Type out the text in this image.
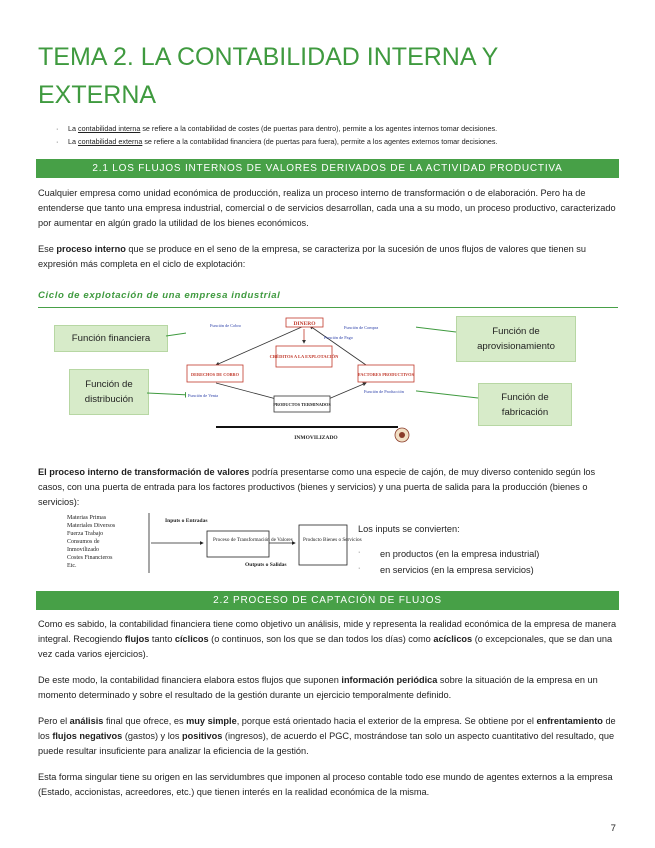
TEMA 2. LA CONTABILIDAD INTERNA Y EXTERNA
· La contabilidad interna se refiere a la contabilidad de costes (de puertas para dentro), permite a los agentes internos tomar decisiones.
· La contabilidad externa se refiere a la contabilidad financiera (de puertas para fuera), permite a los agentes externos tomar decisiones.
2.1 LOS FLUJOS INTERNOS DE VALORES DERIVADOS DE LA ACTIVIDAD PRODUCTIVA

Cualquier empresa como unidad económica de producción, realiza un proceso interno de transformación o de elaboración. Pero ha de entenderse que tanto una empresa industrial, comercial o de servicios desarrollan, cada una a su modo, un proceso productivo, caracterizado por aumentar en algún grado la utilidad de los bienes económicos.

Ese proceso interno que se produce en el seno de la empresa, se caracteriza por la sucesión de unos flujos de valores que tienen su expresión más completa en el ciclo de explotación:

Ciclo de explotación de una empresa industrial
Función financiera
Función de aprovisionamiento
Función de distribución	Función de fabricación
DINERO
CRÉDITOS A LA EXPLOTACIÓN
DERECHOS DE COBRO	FACTORES PRODUCTIVOS
PRODUCTOS TERMINADOS
Función de Cobro	Función de Compra
Función de Pago
Función de Venta
Función de Producción
INMOVILIZADO

El proceso interno de transformación de valores podría presentarse como una especie de cajón, de muy diverso contenido según los casos, con una puerta de entrada para los factores productivos (bienes y servicios) y una puerta de salida para la producción (bienes o servicios):

Materias Primas
Materiales Diversos
Fuerza Trabajo
Consumos de
Inmovilizado
Costes Financieros
Etc.
Inputs o Entradas
Proceso de Transformación de Valores
Outputs o Salidas
Producto Bienes o Servicios
Los inputs se convierten:
· en productos (en la empresa industrial)
· en servicios (en la empresa servicios)
2.2 PROCESO DE CAPTACIÓN DE FLUJOS

Como es sabido, la contabilidad financiera tiene como objetivo un análisis, mide y representa la realidad económica de la empresa de manera integral. Recogiendo flujos tanto cíclicos (o continuos, son los que se dan todos los días) como acíclicos (o excepcionales, que se dan una vez cada varios ejercicios).

De este modo, la contabilidad financiera elabora estos flujos que suponen información periódica sobre la situación de la empresa en un momento determinado y sobre el resultado de la gestión durante un ejercicio temporalmente definido.

Pero el análisis final que ofrece, es muy simple, porque está orientado hacia el exterior de la empresa. Se obtiene por el enfrentamiento de los flujos negativos (gastos) y los positivos (ingresos), de acuerdo el PGC, mostrándose tan solo un aspecto cuantitativo del resultado, que puede resultar insuficiente para analizar la eficiencia de la gestión.

Esta forma singular tiene su origen en las servidumbres que imponen al proceso contable todo ese mundo de agentes externos a la empresa (Estado, accionistas, acreedores, etc.) que tienen interés en la realidad económica de la misma.

7
